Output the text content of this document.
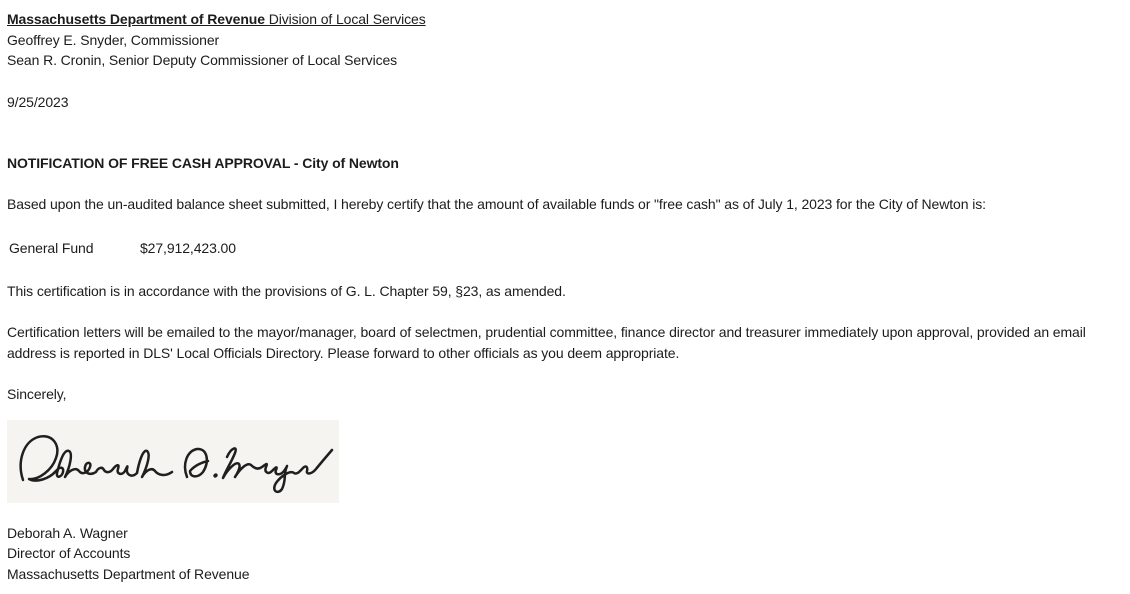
Massachusetts Department of Revenue Division of Local Services
Geoffrey E. Snyder, Commissioner
Sean R. Cronin, Senior Deputy Commissioner of Local Services
9/25/2023
NOTIFICATION OF FREE CASH APPROVAL - City of Newton
Based upon the un-audited balance sheet submitted, I hereby certify that the amount of available funds or "free cash" as of July 1, 2023 for the City of Newton is:
General Fund	$27,912,423.00
This certification is in accordance with the provisions of G. L. Chapter 59, §23, as amended.
Certification letters will be emailed to the mayor/manager, board of selectmen, prudential committee, finance director and treasurer immediately upon approval, provided an email address is reported in DLS' Local Officials Directory. Please forward to other officials as you deem appropriate.
Sincerely,
Deborah A. Wagner
Director of Accounts
Massachusetts Department of Revenue
